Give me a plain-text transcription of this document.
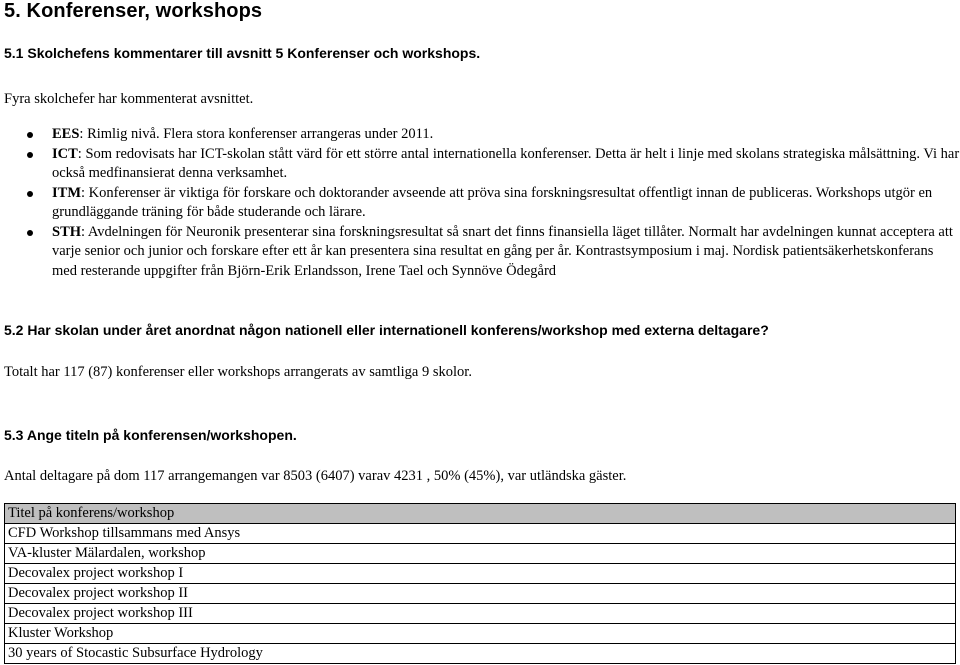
5. Konferenser, workshops
5.1 Skolchefens kommentarer till avsnitt 5 Konferenser och workshops.
Fyra skolchefer har kommenterat avsnittet.
EES: Rimlig nivå. Flera stora konferenser arrangeras under 2011.
ICT: Som redovisats har ICT-skolan stått värd för ett större antal internationella konferenser. Detta är helt i linje med skolans strategiska målsättning. Vi har också medfinansierat denna verksamhet.
ITM: Konferenser är viktiga för forskare och doktorander avseende att pröva sina forskningsresultat offentligt innan de publiceras. Workshops utgör en grundläggande träning för både studerande och lärare.
STH: Avdelningen för Neuronik presenterar sina forskningsresultat så snart det finns finansiella läget tillåter. Normalt har avdelningen kunnat acceptera att varje senior och junior och forskare efter ett år kan presentera sina resultat en gång per år. Kontrastsymposium i maj. Nordisk patientsäkerhetskonferans med resterande uppgifter från Björn-Erik Erlandsson, Irene Tael och Synnöve Ödegård
5.2 Har skolan under året anordnat någon nationell eller internationell konferens/workshop med externa deltagare?
Totalt har 117 (87) konferenser eller workshops arrangerats av samtliga 9 skolor.
5.3 Ange titeln på konferensen/workshopen.
Antal deltagare på dom 117 arrangemangen var 8503 (6407) varav 4231 , 50% (45%), var utländska gäster.
Titel på konferens/workshop
CFD Workshop tillsammans med Ansys
VA-kluster Mälardalen, workshop
Decovalex project workshop I
Decovalex project workshop II
Decovalex project workshop III
Kluster Workshop
30 years of Stocastic Subsurface Hydrology
